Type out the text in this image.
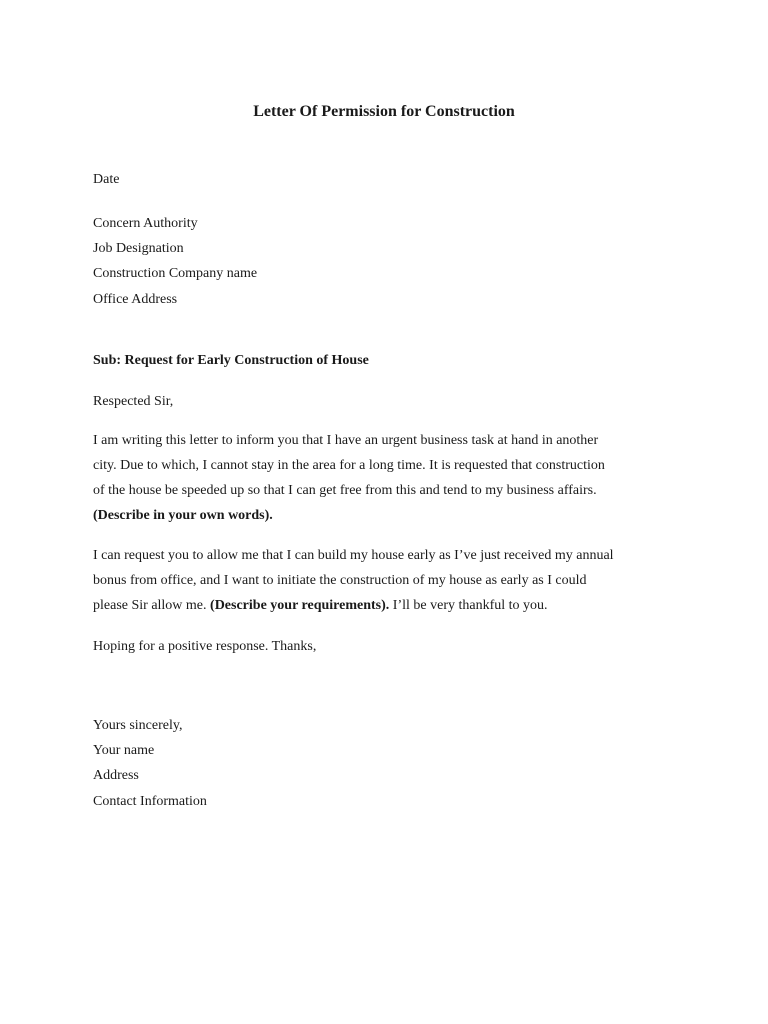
Letter Of Permission for Construction
Date
Concern Authority
Job Designation
Construction Company name
Office Address
Sub: Request for Early Construction of House
Respected Sir,
I am writing this letter to inform you that I have an urgent business task at hand in another
city. Due to which, I cannot stay in the area for a long time. It is requested that construction
of the house be speeded up so that I can get free from this and tend to my business affairs.
(Describe in your own words).
I can request you to allow me that I can build my house early as I’ve just received my annual
bonus from office, and I want to initiate the construction of my house as early as I could
please Sir allow me. (Describe your requirements). I’ll be very thankful to you.
Hoping for a positive response. Thanks,
Yours sincerely,
Your name
Address
Contact Information
